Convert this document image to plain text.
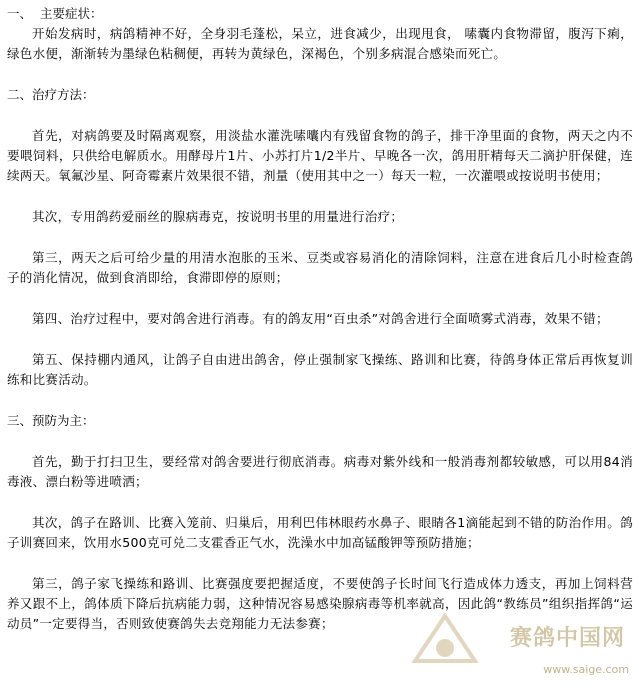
一、  主要症状：

开始发病时，病鸽精神不好，全身羽毛蓬松，呆立，进食减少，出现甩食， 嗉囊内食物滞留，腹泻下痢，绿色水便，渐渐转为墨绿色粘稠便，再转为黄绿色，深褐色，个别多病混合感染而死亡。

二、治疗方法：

首先，对病鸽要及时隔离观察，用淡盐水灌洗嗉囔内有残留食物的鸽子，排干净里面的食物，两天之内不要喂饲料，只供给电解质水。用酵母片1片、小苏打片1/2半片、早晚各一次，鸽用肝精每天二滴护肝保健，连续两天。氧氟沙星、阿奇霉素片效果很不错，剂量（使用其中之一）每天一粒，一次灌喂或按说明书使用；

其次，专用鸽药爱丽丝的腺病毒克，按说明书里的用量进行治疗；

第三，两天之后可给少量的用清水泡胀的玉米、豆类或容易消化的清除饲料，注意在进食后几小时检查鸽子的消化情况，做到食消即给，食滞即停的原则；

第四、治疗过程中，要对鸽舍进行消毒。有的鸽友用“百虫杀”对鸽舍进行全面喷雾式消毒，效果不错；

第五、保持棚内通风，让鸽子自由进出鸽舍，停止强制家飞操练、路训和比赛，待鸽身体正常后再恢复训练和比赛活动。

三、预防为主：

首先，勤于打扫卫生，要经常对鸽舍要进行彻底消毒。病毒对紫外线和一般消毒剂都较敏感，可以用84消毒液、漂白粉等进喷洒；

其次，鸽子在路训、比赛入笼前、归巢后，用利巴伟林眼药水鼻子、眼睛各1滴能起到不错的防治作用。鸽子训赛回来，饮用水500克可兑二支霍香正气水，洗澡水中加高锰酸钾等预防措施；

第三，鸽子家飞操练和路训、比赛强度要把握适度，不要使鸽子长时间飞行造成体力透支，再加上饲料营养又跟不上，鸽体质下降后抗病能力弱，这种情况容易感染腺病毒等机率就高，因此鸽“教练员”组织指挥鸽“运动员”一定要得当，否则致使赛鸽失去竞翔能力无法参赛；

赛鸽中国网
www.saige.com
